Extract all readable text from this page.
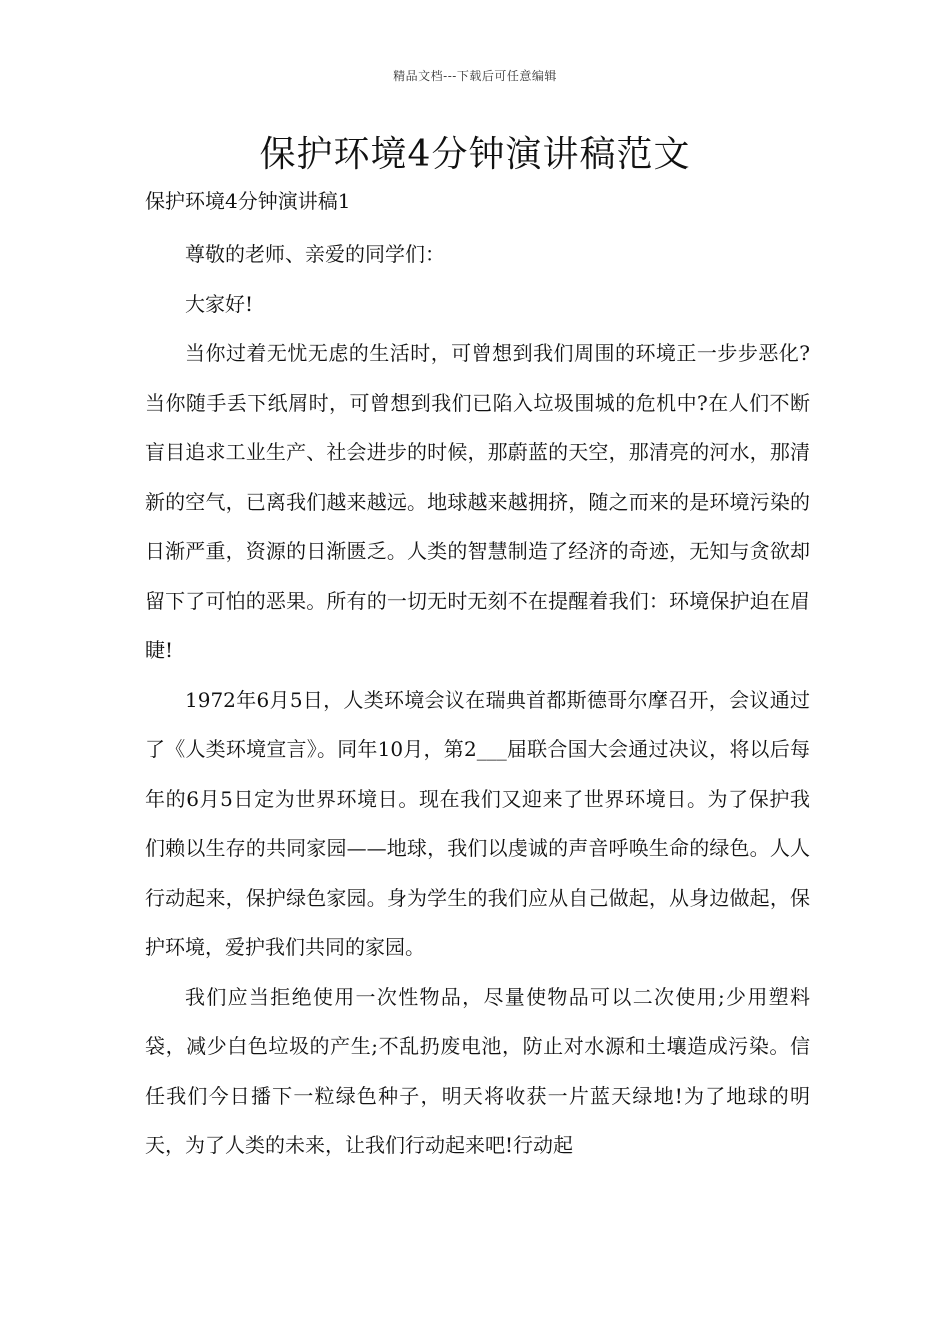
精品文档---下载后可任意编辑
保护环境4分钟演讲稿范文
保护环境4分钟演讲稿1

尊敬的老师、亲爱的同学们：

大家好!

当你过着无忧无虑的生活时，可曾想到我们周围的环境正一步步恶化?当你随手丢下纸屑时，可曾想到我们已陷入垃圾围城的危机中?在人们不断盲目追求工业生产、社会进步的时候，那蔚蓝的天空，那清亮的河水，那清新的空气，已离我们越来越远。地球越来越拥挤，随之而来的是环境污染的日渐严重，资源的日渐匮乏。人类的智慧制造了经济的奇迹，无知与贪欲却留下了可怕的恶果。所有的一切无时无刻不在提醒着我们：环境保护迫在眉睫!

1972年6月5日，人类环境会议在瑞典首都斯德哥尔摩召开，会议通过了《人类环境宣言》。同年10月，第2___届联合国大会通过决议，将以后每年的6月5日定为世界环境日。现在我们又迎来了世界环境日。为了保护我们赖以生存的共同家园——地球，我们以虔诚的声音呼唤生命的绿色。人人行动起来，保护绿色家园。身为学生的我们应从自己做起，从身边做起，保护环境，爱护我们共同的家园。

我们应当拒绝使用一次性物品，尽量使物品可以二次使用;少用塑料袋，减少白色垃圾的产生;不乱扔废电池，防止对水源和土壤造成污染。信任我们今日播下一粒绿色种子，明天将收获一片蓝天绿地!为了地球的明天，为了人类的未来，让我们行动起来吧!行动起
